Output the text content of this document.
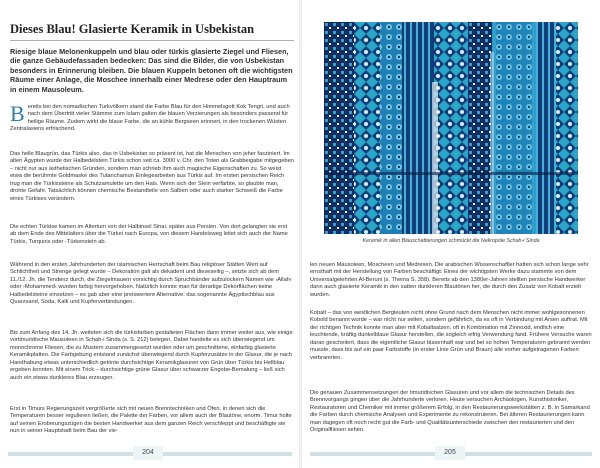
Dieses Blau! Glasierte Keramik in Usbekistan
Riesige blaue Melonenkuppeln und blau oder türkis glasierte Ziegel und Fliesen, die ganze Gebäudefassaden bedecken: Das sind die Bilder, die von Usbekistan besonders in Erinnerung bleiben. Die blauen Kuppeln betonen oft die wichtigsten Räume einer Anlage, die Moschee innerhalb einer Medrese oder den Hauptraum in einem Mausoleum.

Bereits bei den nomadischen Turkvölkern stand die Farbe Blau für den Himmelsgott Kok Tengri, und auch nach dem Übertritt vieler Stämme zum Islam galten die blauen Verzierungen als besonders passend für heilige Räume. Zudem wirkt die blaue Farbe, die an kühle Bergseen erinnert, in den trockenen Wüsten Zentralasiens erfrischend.

Das helle Blaugrün, das Türkis also, das in Usbekistan so präsent ist, hat die Menschen von jeher fasziniert. Im alten Ägypten wurde der Halbedelstein Türkis schon seit ca. 3000 v. Chr. den Toten als Grabbeigabe mitgegeben – nicht nur aus ästhetischen Gründen, sondern man schrieb ihm auch magische Eigenschaften zu. So weist etwa die berühmte Goldmaske des Tutanchamun Einlegearbeiten aus Türkis auf. Im ersten persischen Reich trug man die Türkissteine als Schutzamulette um den Hals. Wenn sich der Stein verfärbte, so glaubte man, drohte Gefahr. Tatsächlich können chemische Bestandteile von Salben oder auch starker Schweiß die Farbe eines Türkises verändern.

Die echten Türkise kamen im Altertum von der Halbinsel Sinai, später aus Persien. Von dort gelangten sie erst ab dem Ende des Mittelalters über die Türkei nach Europa, von diesem Handelsweg leitet sich auch der Name Türkis, Turquois oder -Türkenstein ab.

Während in den ersten Jahrhunderten der islamischen Herrschaft beim Bau religiöser Stätten Wert auf Schlichtheit und Strenge gelegt wurde – Dekoration galt als dekadent und dieseseitig –, setzte sich ab dem 11./12. Jh. die Tendenz durch, die Ziegelmauern vorsichtig durch Spruchbänder aufzulockern Namen wie ›Allah‹ oder ›Mohammed‹ wurden farbig hervorgehoben. Natürlich konnte man für derartige Dekorflächen keine Halbedelsteine einsetzen – es gab aber eine preiswertere Alternative: das sogenannte Ägyptischblau aus Quarzsand, Soda, Kalk und Kupferverbindungen.

Bis zum Anfang des 14. Jh. weiteten sich die türkisfarben gestalteten Flächen dann immer weiter aus, wie einige vortimuridische Mausoleen in Schah-i Sinda (s. S. 212) belegen. Dabei handelte es sich überwiegend um monochrome Fliesen, die zu Mustern zusammengesetzt wurden oder um geschnittene, einfarbig glasierte Keramikplatten. Die Farbgebung entstand zunächst überwiegend durch Kupferzusätze in der Glasur, die je nach Handhabung etwas unterschiedlich getönte durchsichtige Keramikglasuren von Grün über Türkis bis Hellblau ergeben konnten. Mit einem Trick – durchsichtige grüne Glasur über schwarzer Engobe-Bemalung – ließ sich auch ein etwas dunkleres Blau erzeugen.

Erst in Timurs Regierungszeit vergrößerte sich mit neuen Brenntechniken und Öfen, in denen sich die Temperaturen besser regulieren ließen, die Palette der Farben, vor allem auch der Blautöne, enorm. Timur holte auf seinen Eroberungszügen die besten Handwerker aus dem ganzen Reich verschleppt und beschäftigte sie nun in seiner Hauptstadt beim Bau der vie-

204
Keramik in allen Blauschattierungen schmückt die Nekropole Schah-i Sinda

len neuen Mausoleen, Moscheen und Medresen. Die arabischen Wissenschaftler hatten sich schon lange sehr ernsthaft mit der Herstellung von Farben beschäftigt: Eines der wichtigsten Werke dazu stammte von dem Universalgelehrten Al-Beruni (s. Thema S. 358). Bereits ab den 1380er-Jahren stellten persische Handwerker dann auch glasierte Keramik in den satten dunkleren Blautönen her, die durch den Zusatz von Kobalt erzielt wurden.

Kobalt – das von westlichen Bergleuten nicht ohne Grund nach dem Menschen nicht immer wohlgesonnenen Kobold benannt wurde – war nicht nur selten, sondern gefährlich, da es oft in Verbindung mit Arsen auftrat. Mit der richtigen Technik konnte man aber mit Kobaltsalzen, oft in Kombination mit Zinnoxid, endlich eine leuchtende, kräftig dunkelblaue Glasur herstellen, die sogleich eifrig Verwendung fand. Frühere Versuche waren daran gescheitert, dass die eigentliche Glasur blasenhaft war und bei so hohen Temperaturen gebrannt werden musste, dass bis auf ein paar Farbstoffe (in erster Linie Grün und Braun) alle vorher aufgetragenen Farben verbrannten.

Die genauen Zusammensetzungen der timuridischen Glasuren und vor allem die technischen Details des Brennvorgangs gingen über die Jahrhunderte verloren. Heute versuchen Archäologen, Kunsthistoriker, Restauratoren und Chemiker mit immer größerem Erfolg, in den Restaurierungswerkstätten z. B. in Samarkand die Farben durch chemische Analysen und Experimente zu rekonstruieren. Bei älteren Restaurierungen kann man dagegen oft noch recht gut die Farb- und Qualitätsunterschiede zwischen den restaurierten und den Originalfliesen sehen.

205
